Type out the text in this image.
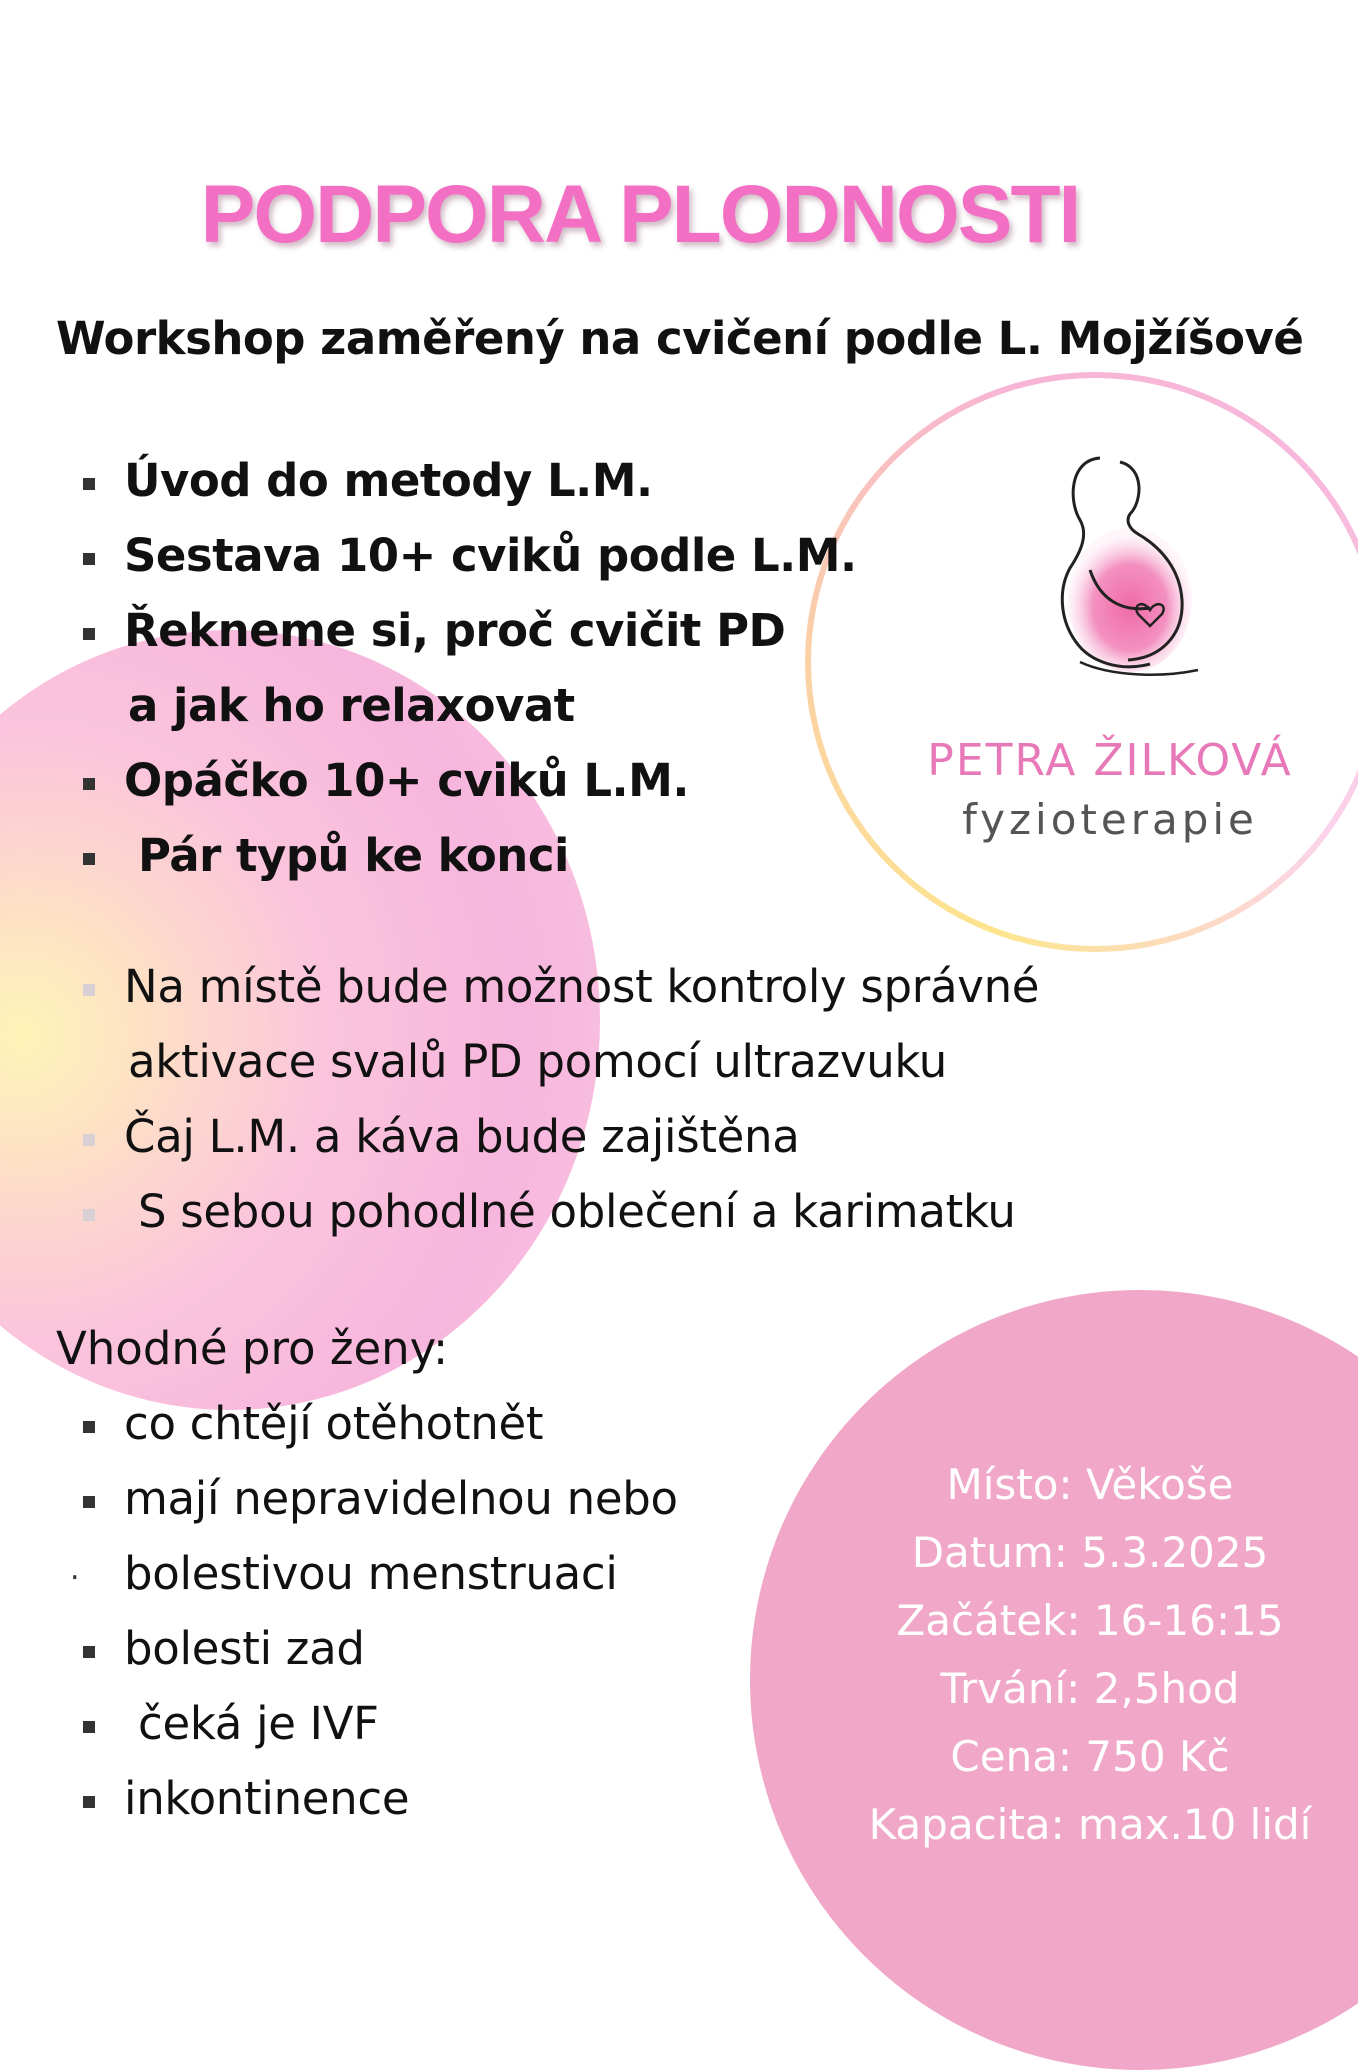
PETRA ŽILKOVÁ
fyzioterapie
PODPORA PLODNOSTI
Workshop zaměřený na cvičení podle L. Mojžíšové
Úvod do metody L.M.
Sestava 10+ cviků podle L.M.
Řekneme si, proč cvičit PD
a jak ho relaxovat
Opáčko 10+ cviků L.M.
Pár typů ke konci
Na místě bude možnost kontroly správné
aktivace svalů PD pomocí ultrazvuku
Čaj L.M. a káva bude zajištěna
S sebou pohodlné oblečení a karimatku
Vhodné pro ženy:
co chtějí otěhotnět
mají nepravidelnou nebo
. bolestivou menstruaci
bolesti zad
čeká je IVF
inkontinence
Místo: Věkoše
Datum: 5.3.2025
Začátek: 16-16:15
Trvání: 2,5hod
Cena: 750 Kč
Kapacita: max.10 lidí
